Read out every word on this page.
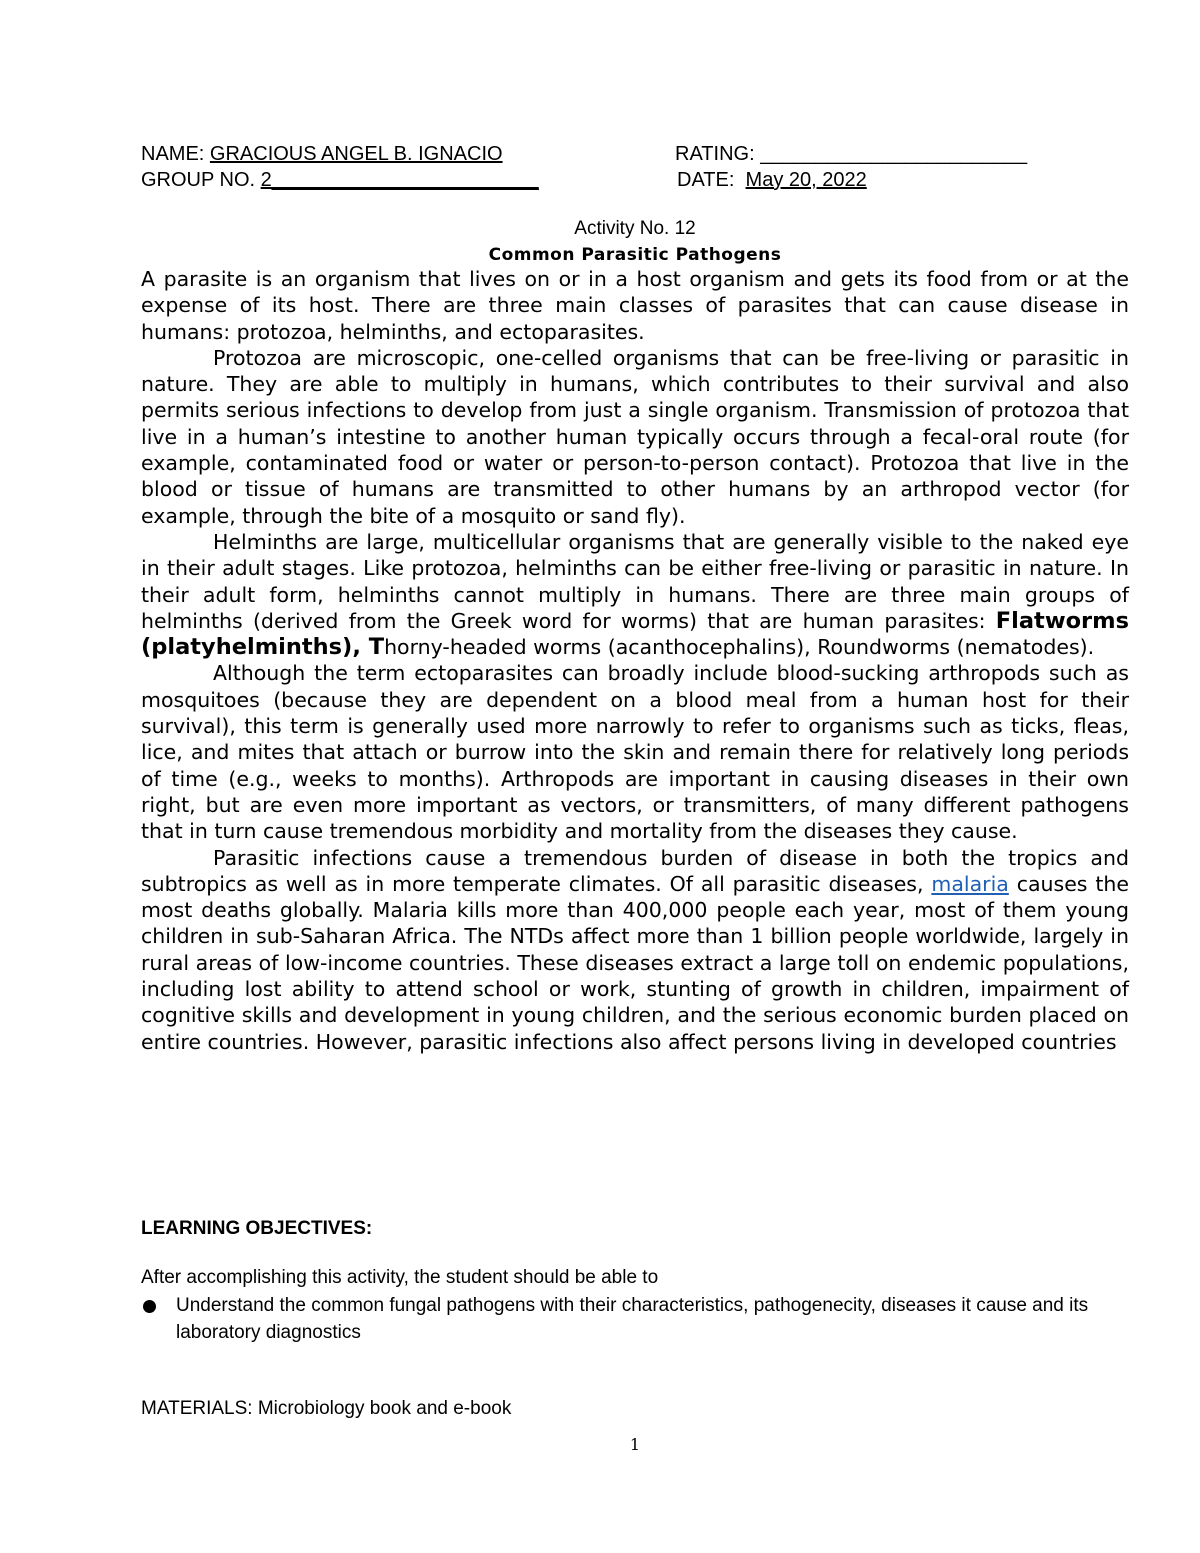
NAME: GRACIOUS ANGEL B. IGNACIO	RATING: ________________________
GROUP NO. 2________________________	DATE: May 20, 2022
Activity No. 12
Common Parasitic Pathogens

A parasite is an organism that lives on or in a host organism and gets its food from or at the expense of its host. There are three main classes of parasites that can cause disease in humans: protozoa, helminths, and ectoparasites.

Protozoa are microscopic, one-celled organisms that can be free-living or parasitic in nature. They are able to multiply in humans, which contributes to their survival and also permits serious infections to develop from just a single organism. Transmission of protozoa that live in a human’s intestine to another human typically occurs through a fecal-oral route (for example, contaminated food or water or person-to-person contact). Protozoa that live in the blood or tissue of humans are transmitted to other humans by an arthropod vector (for example, through the bite of a mosquito or sand fly).

Helminths are large, multicellular organisms that are generally visible to the naked eye in their adult stages. Like protozoa, helminths can be either free-living or parasitic in nature. In their adult form, helminths cannot multiply in humans. There are three main groups of helminths (derived from the Greek word for worms) that are human parasites: Flatworms (platyhelminths), Thorny-headed worms (acanthocephalins), Roundworms (nematodes).

Although the term ectoparasites can broadly include blood-sucking arthropods such as mosquitoes (because they are dependent on a blood meal from a human host for their survival), this term is generally used more narrowly to refer to organisms such as ticks, fleas, lice, and mites that attach or burrow into the skin and remain there for relatively long periods of time (e.g., weeks to months). Arthropods are important in causing diseases in their own right, but are even more important as vectors, or transmitters, of many different pathogens that in turn cause tremendous morbidity and mortality from the diseases they cause.

Parasitic infections cause a tremendous burden of disease in both the tropics and subtropics as well as in more temperate climates. Of all parasitic diseases, malaria causes the most deaths globally. Malaria kills more than 400,000 people each year, most of them young children in sub-Saharan Africa. The NTDs affect more than 1 billion people worldwide, largely in rural areas of low-income countries. These diseases extract a large toll on endemic populations, including lost ability to attend school or work, stunting of growth in children, impairment of cognitive skills and development in young children, and the serious economic burden placed on entire countries. However, parasitic infections also affect persons living in developed countries

LEARNING OBJECTIVES:
After accomplishing this activity, the student should be able to
Understand the common fungal pathogens with their characteristics, pathogenecity, diseases it cause and its laboratory diagnostics
MATERIALS: Microbiology book and e-book
1
